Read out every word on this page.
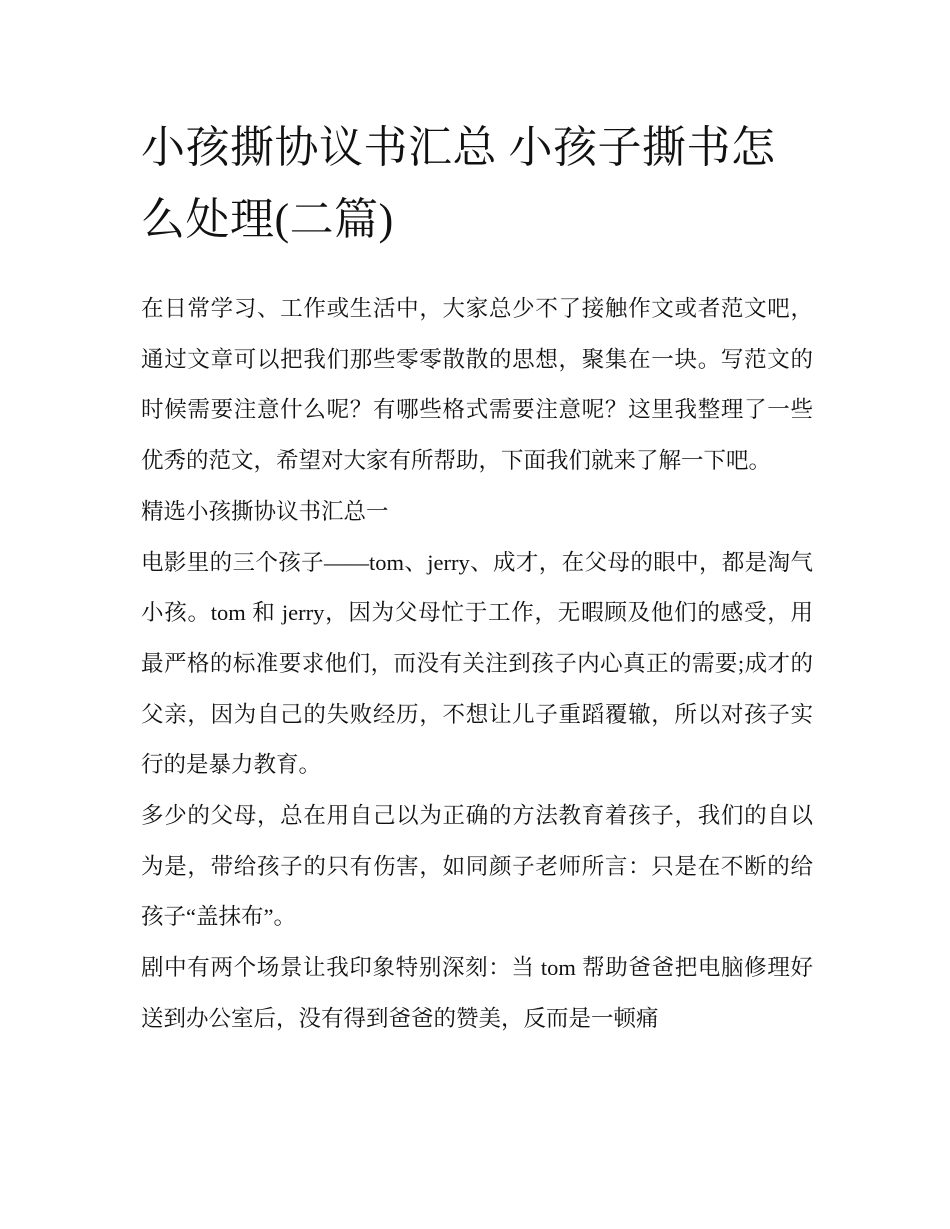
小孩撕协议书汇总 小孩子撕书怎么处理(二篇)

在日常学习、工作或生活中，大家总少不了接触作文或者范文吧，通过文章可以把我们那些零零散散的思想，聚集在一块。写范文的时候需要注意什么呢？有哪些格式需要注意呢？这里我整理了一些优秀的范文，希望对大家有所帮助，下面我们就来了解一下吧。

精选小孩撕协议书汇总一

电影里的三个孩子——tom、jerry、成才，在父母的眼中，都是淘气小孩。tom 和 jerry，因为父母忙于工作，无暇顾及他们的感受，用最严格的标准要求他们，而没有关注到孩子内心真正的需要;成才的父亲，因为自己的失败经历，不想让儿子重蹈覆辙，所以对孩子实行的是暴力教育。

多少的父母，总在用自己以为正确的方法教育着孩子，我们的自以为是，带给孩子的只有伤害，如同颜子老师所言：只是在不断的给孩子“盖抹布”。

剧中有两个场景让我印象特别深刻：当 tom 帮助爸爸把电脑修理好送到办公室后，没有得到爸爸的赞美，反而是一顿痛
